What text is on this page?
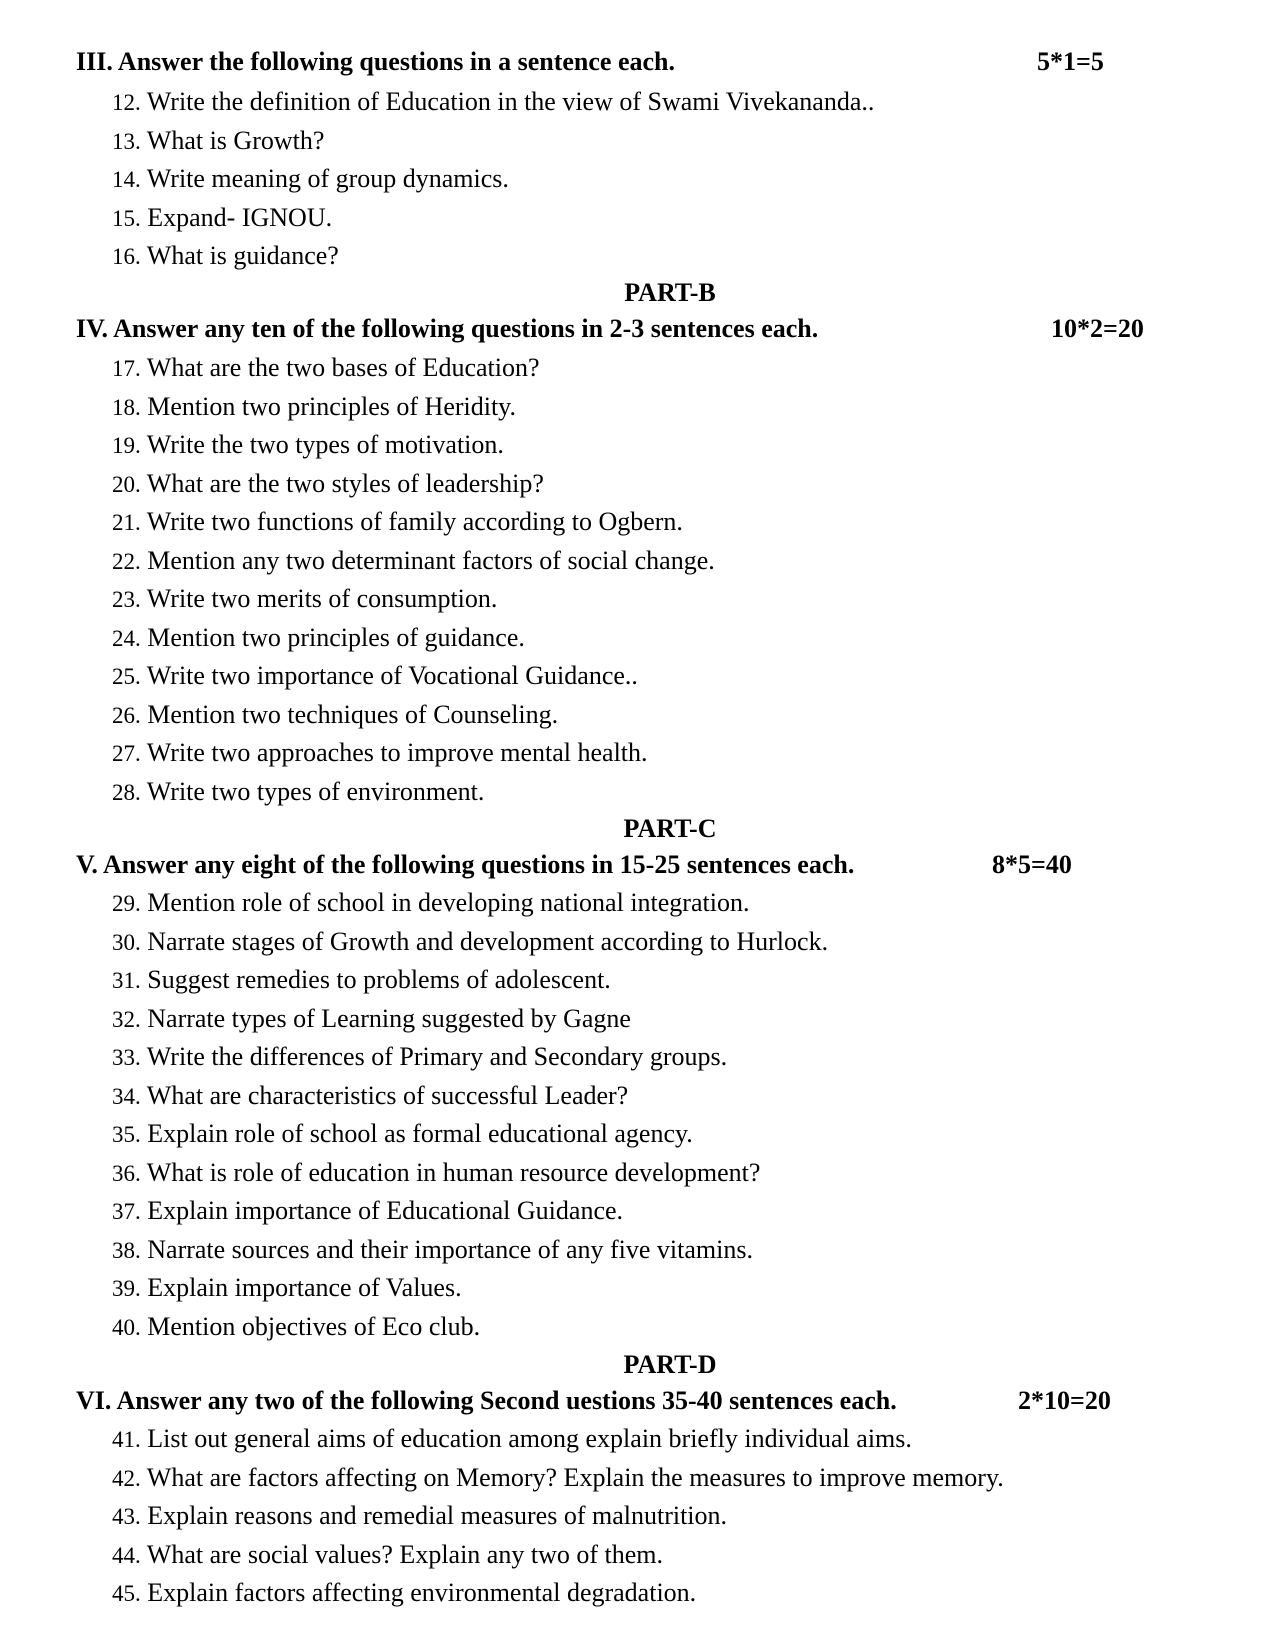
III. Answer the following questions in a sentence each.	5*1=5
12. Write the definition of Education in the view of Swami Vivekananda..
13. What is Growth?
14. Write meaning of group dynamics.
15. Expand- IGNOU.
16. What is guidance?
PART-B
IV. Answer any ten of the following questions in 2-3 sentences each.	10*2=20
17. What are the two bases of Education?
18. Mention two principles of Heridity.
19. Write the two types of motivation.
20. What are the two styles of leadership?
21. Write two functions of family according to Ogbern.
22. Mention any two determinant factors of social change.
23. Write two merits of consumption.
24. Mention two principles of guidance.
25. Write two importance of Vocational Guidance..
26. Mention two techniques of Counseling.
27. Write two approaches to improve mental health.
28. Write two types of environment.
PART-C
V. Answer any eight of the following questions in 15-25 sentences each.	8*5=40
29. Mention role of school in developing national integration.
30. Narrate stages of Growth and development according to Hurlock.
31. Suggest remedies to problems of adolescent.
32. Narrate types of Learning suggested by Gagne
33. Write the differences of Primary and Secondary groups.
34. What are characteristics of successful Leader?
35. Explain role of school as formal educational agency.
36. What is role of education in human resource development?
37. Explain importance of Educational Guidance.
38. Narrate sources and their importance of any five vitamins.
39. Explain importance of Values.
40. Mention objectives of Eco club.
PART-D
VI. Answer any two of the following Second uestions 35-40 sentences each.	2*10=20
41. List out general aims of education among explain briefly individual aims.
42. What are factors affecting on Memory? Explain the measures to improve memory.
43. Explain reasons and remedial measures of malnutrition.
44. What are social values? Explain any two of them.
45. Explain factors affecting environmental degradation.
